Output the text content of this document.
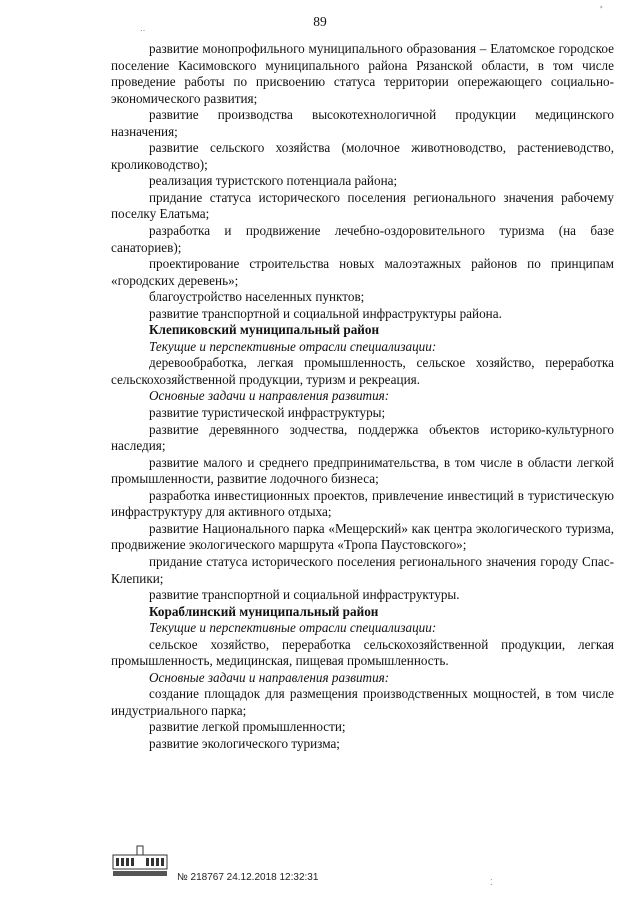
89

развитие монопрофильного муниципального образования – Елатомское городское поселение Касимовского муниципального района Рязанской области, в том числе проведение работы по присвоению статуса территории опережающего социально-экономического развития;

развитие производства высокотехнологичной продукции медицинского назначения;

развитие сельского хозяйства (молочное животноводство, растениеводство, кролиководство);

реализация туристского потенциала района;

придание статуса исторического поселения регионального значения рабочему поселку Елатьма;

разработка и продвижение лечебно-оздоровительного туризма (на базе санаториев);

проектирование строительства новых малоэтажных районов по принципам «городских деревень»;

благоустройство населенных пунктов;

развитие транспортной и социальной инфраструктуры района.

Клепиковский муниципальный район

Текущие и перспективные отрасли специализации:

деревообработка, легкая промышленность, сельское хозяйство, переработка сельскохозяйственной продукции, туризм и рекреация.

Основные задачи и направления развития:

развитие туристической инфраструктуры;

развитие деревянного зодчества, поддержка объектов историко-культурного наследия;

развитие малого и среднего предпринимательства, в том числе в области легкой промышленности, развитие лодочного бизнеса;

разработка инвестиционных проектов, привлечение инвестиций в туристическую инфраструктуру для активного отдыха;

развитие Национального парка «Мещерский» как центра экологического туризма, продвижение экологического маршрута «Тропа Паустовского»;

придание статуса исторического поселения регионального значения городу Спас-Клепики;

развитие транспортной и социальной инфраструктуры.

Кораблинский муниципальный район

Текущие и перспективные отрасли специализации:

сельское хозяйство, переработка сельскохозяйственной продукции, легкая промышленность, медицинская, пищевая промышленность.

Основные задачи и направления развития:

создание площадок для размещения производственных мощностей, в том числе индустриального парка;

развитие легкой промышленности;

развитие экологического туризма;

№ 218767 24.12.2018 12:32:31
‥
⸗
⁚
